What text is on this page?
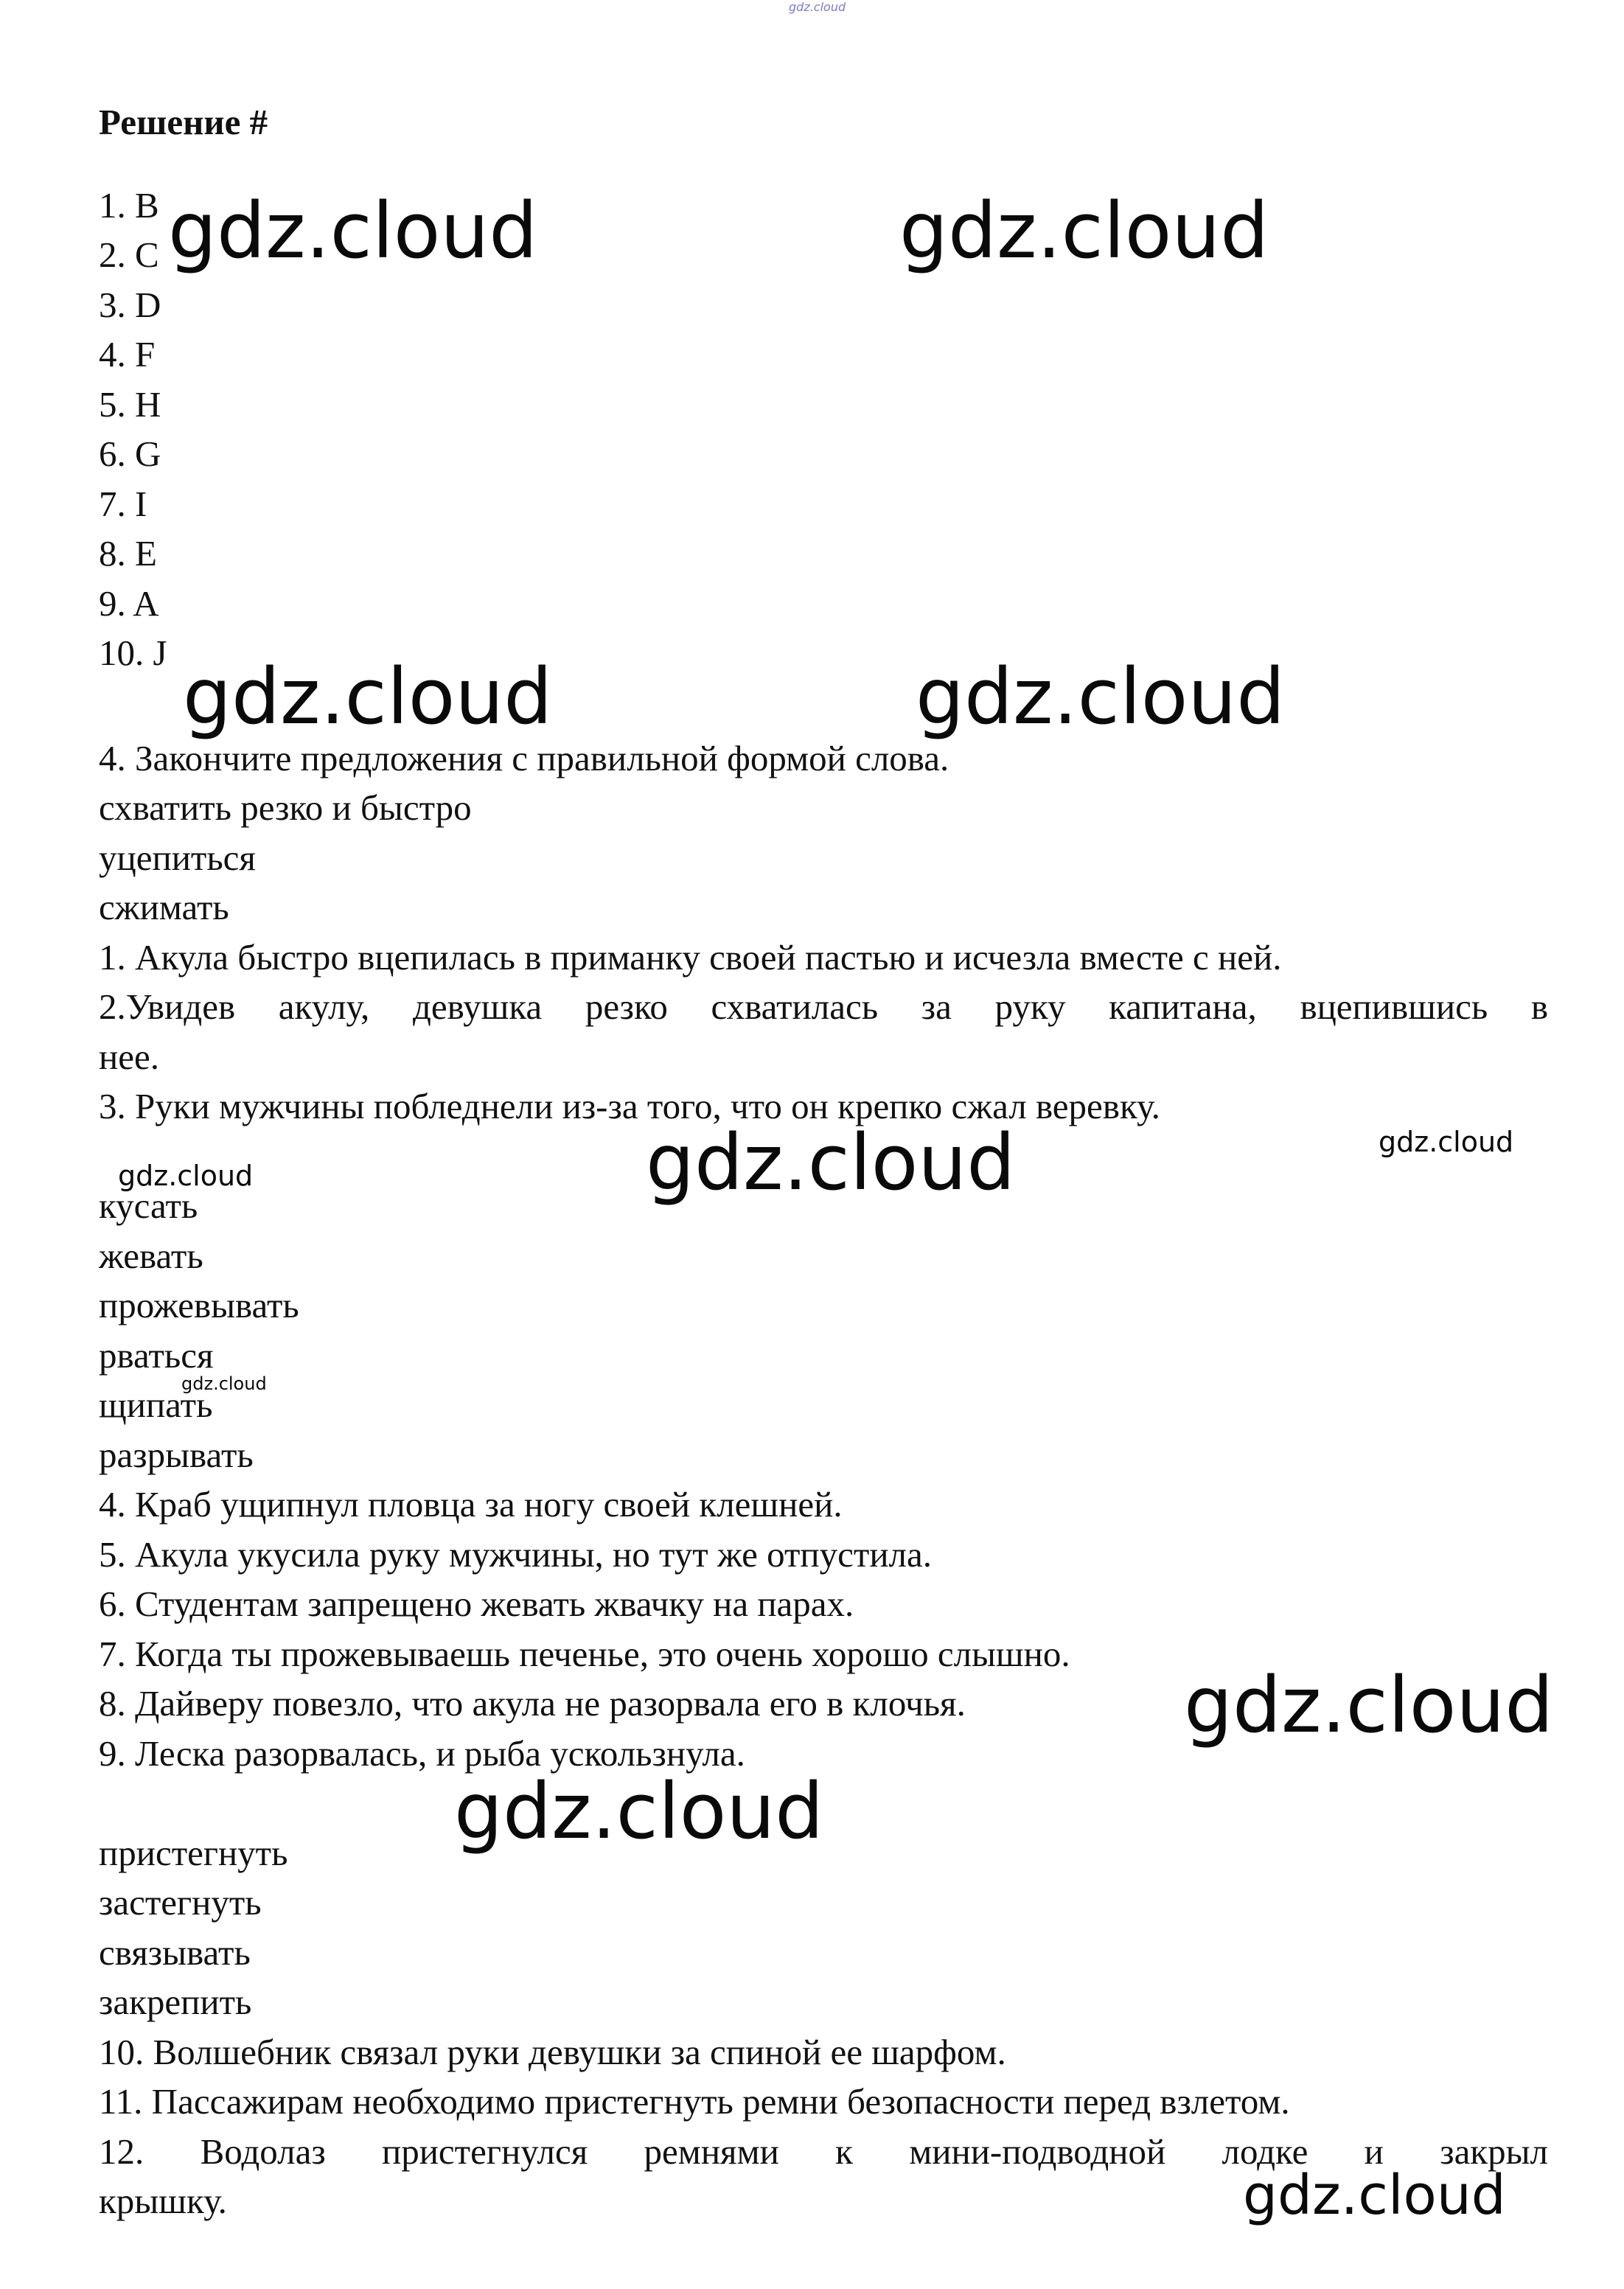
gdz.cloud
Решение #
1. B
2. C
3. D
4. F
5. H
6. G
7. I
8. E
9. A
10. J
4. Закончите предложения с правильной формой слова.
схватить резко и быстро
уцепиться
сжимать
1. Акула быстро вцепилась в приманку своей пастью и исчезла вместе с ней.
2.Увидев акулу, девушка резко схватилась за руку капитана, вцепившись в
нее.
3. Руки мужчины побледнели из-за того, что он крепко сжал веревку.
кусать
жевать
прожевывать
рваться
щипать
разрывать
4. Краб ущипнул пловца за ногу своей клешней.
5. Акула укусила руку мужчины, но тут же отпустила.
6. Студентам запрещено жевать жвачку на парах.
7. Когда ты прожевываешь печенье, это очень хорошо слышно.
8. Дайверу повезло, что акула не разорвала его в клочья.
9. Леска разорвалась, и рыба ускользнула.
пристегнуть
застегнуть
связывать
закрепить
10. Волшебник связал руки девушки за спиной ее шарфом.
11. Пассажирам необходимо пристегнуть ремни безопасности перед взлетом.
12. Водолаз пристегнулся ремнями к мини-подводной лодке и закрыл
крышку.
gdz.cloud	gdz.cloud
gdz.cloud	gdz.cloud
gdz.cloud	gdz.cloud
gdz.cloud
gdz.cloud
gdz.cloud
gdz.cloud
gdz.cloud
